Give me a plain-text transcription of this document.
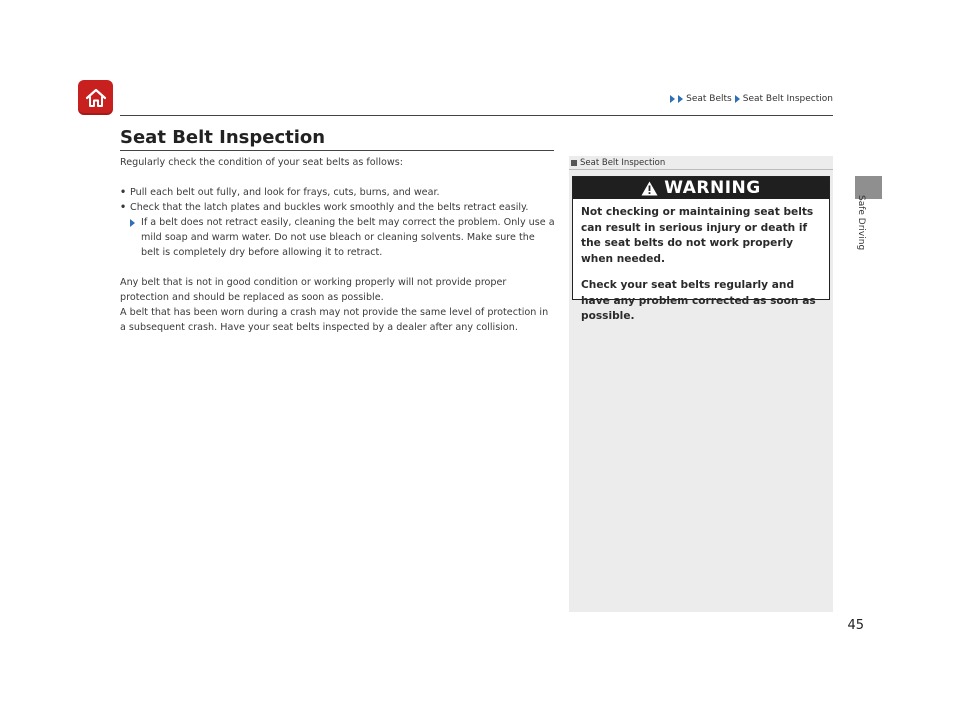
Seat Belts Seat Belt Inspection
Seat Belt Inspection

Regularly check the condition of your seat belts as follows:

• Pull each belt out fully, and look for frays, cuts, burns, and wear.
• Check that the latch plates and buckles work smoothly and the belts retract easily.
If a belt does not retract easily, cleaning the belt may correct the problem. Only use a mild soap and warm water. Do not use bleach or cleaning solvents. Make sure the belt is completely dry before allowing it to retract.

Any belt that is not in good condition or working properly will not provide proper protection and should be replaced as soon as possible.

A belt that has been worn during a crash may not provide the same level of protection in a subsequent crash. Have your seat belts inspected by a dealer after any collision.

Seat Belt Inspection
WARNING

Not checking or maintaining seat belts can result in serious injury or death if the seat belts do not work properly when needed.

Check your seat belts regularly and have any problem corrected as soon as possible.

Safe Driving
45
